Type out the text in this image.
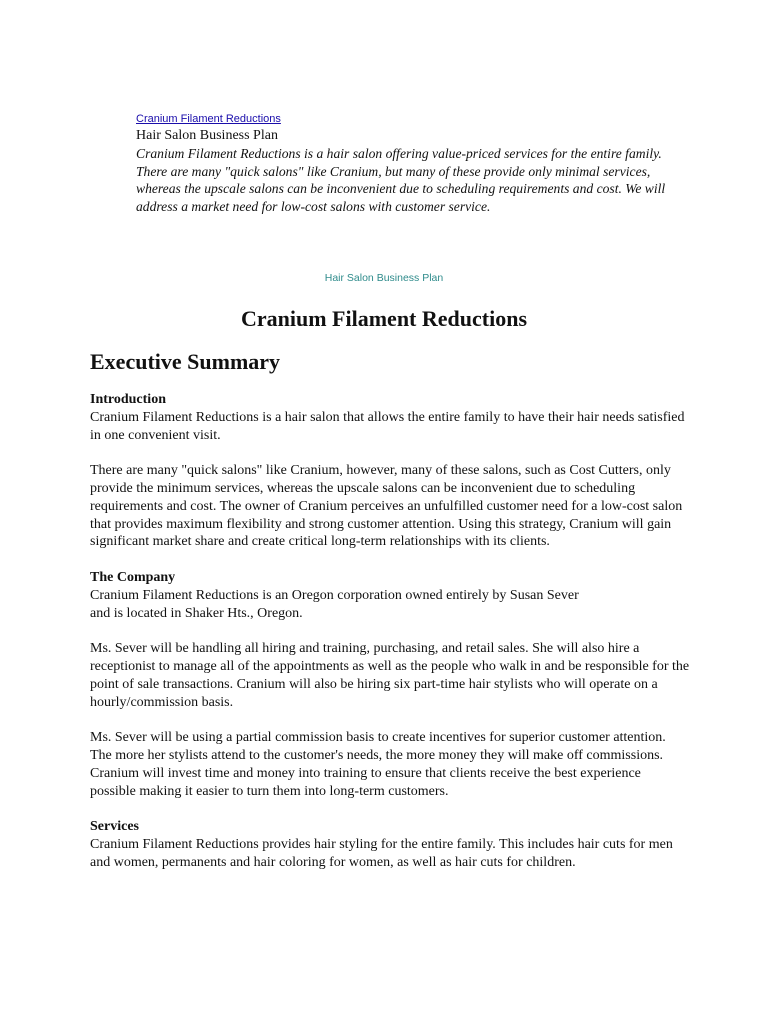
Cranium Filament Reductions
Hair Salon Business Plan
Cranium Filament Reductions is a hair salon offering value-priced services for the entire family. There are many "quick salons" like Cranium, but many of these provide only minimal services, whereas the upscale salons can be inconvenient due to scheduling requirements and cost. We will address a market need for low-cost salons with customer service.
Hair Salon Business Plan
Cranium Filament Reductions
Executive Summary
Introduction

Cranium Filament Reductions is a hair salon that allows the entire family to have their hair needs satisfied in one convenient visit.

There are many "quick salons" like Cranium, however, many of these salons, such as Cost Cutters, only provide the minimum services, whereas the upscale salons can be inconvenient due to scheduling requirements and cost. The owner of Cranium perceives an unfulfilled customer need for a low-cost salon that provides maximum flexibility and strong customer attention. Using this strategy, Cranium will gain significant market share and create critical long-term relationships with its clients.

The Company

Cranium Filament Reductions is an Oregon corporation owned entirely by Susan Sever
and is located in Shaker Hts., Oregon.

Ms. Sever will be handling all hiring and training, purchasing, and retail sales. She will also hire a receptionist to manage all of the appointments as well as the people who walk in and be responsible for the point of sale transactions. Cranium will also be hiring six part-time hair stylists who will operate on a hourly/commission basis.

Ms. Sever will be using a partial commission basis to create incentives for superior customer attention. The more her stylists attend to the customer's needs, the more money they will make off commissions. Cranium will invest time and money into training to ensure that clients receive the best experience possible making it easier to turn them into long-term customers.

Services

Cranium Filament Reductions provides hair styling for the entire family. This includes hair cuts for men and women, permanents and hair coloring for women, as well as hair cuts for children.
